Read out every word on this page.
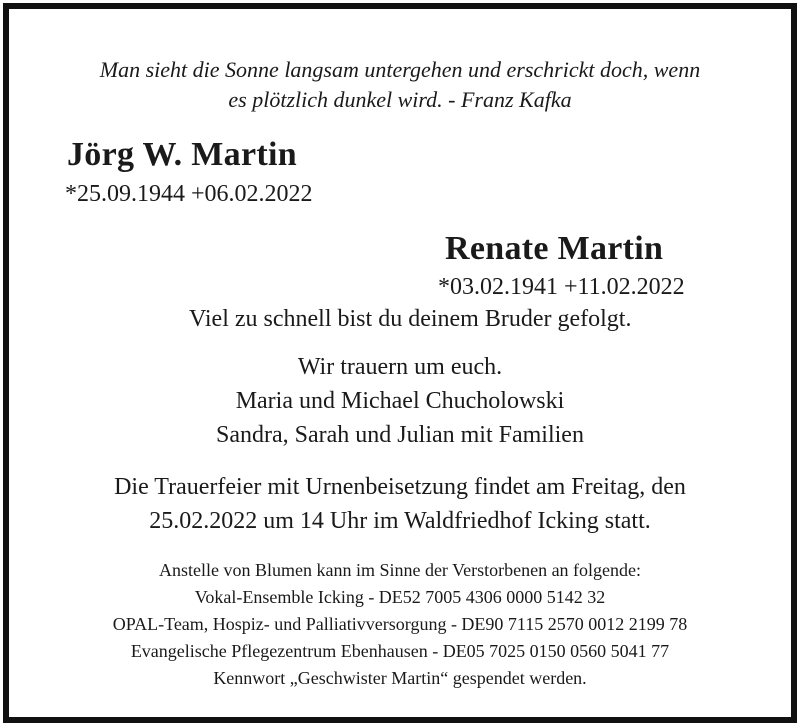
Man sieht die Sonne langsam untergehen und erschrickt doch, wenn
es plötzlich dunkel wird. - Franz Kafka
Jörg W. Martin
*25.09.1944 +06.02.2022
Renate Martin
*03.02.1941 +11.02.2022
Viel zu schnell bist du deinem Bruder gefolgt.
Wir trauern um euch.
Maria und Michael Chucholowski
Sandra, Sarah und Julian mit Familien
Die Trauerfeier mit Urnenbeisetzung findet am Freitag, den
25.02.2022 um 14 Uhr im Waldfriedhof Icking statt.
Anstelle von Blumen kann im Sinne der Verstorbenen an folgende:
Vokal-Ensemble Icking - DE52 7005 4306 0000 5142 32
OPAL-Team, Hospiz- und Palliativversorgung - DE90 7115 2570 0012 2199 78
Evangelische Pflegezentrum Ebenhausen - DE05 7025 0150 0560 5041 77
Kennwort „Geschwister Martin“ gespendet werden.
